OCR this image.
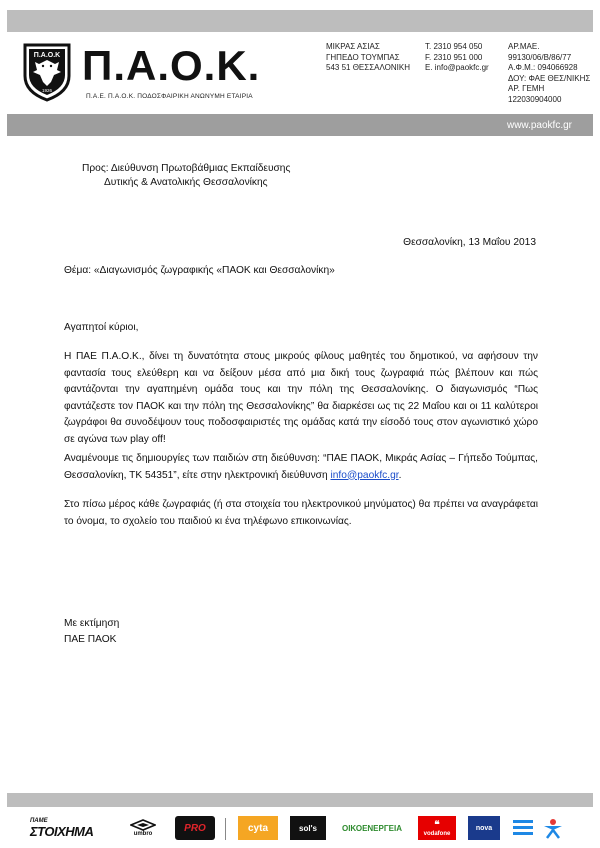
Π.Α.Ο.Κ
1926
Π.Α.Ο.Κ.
Π.Α.Ε. Π.Α.Ο.Κ. ΠΟΔΟΣΦΑΙΡΙΚΗ ΑΝΩΝΥΜΗ ΕΤΑΙΡΙΑ
ΜΙΚΡΑΣ ΑΣΙΑΣ
ΓΗΠΕΔΟ ΤΟΥΜΠΑΣ
543 51 ΘΕΣΣΑΛΟΝΙΚΗ
T. 2310 954 050
F. 2310 951 000
E. info@paokfc.gr
ΑΡ.ΜΑΕ.
99130/06/Β/86/77
Α.Φ.Μ.: 094066928
ΔΟΥ: ΦΑΕ ΘΕΣ/ΝΙΚΗΣ
ΑΡ. ΓΕΜΗ
122030904000
www.paokfc.gr
Προς: Διεύθυνση Πρωτοβάθμιας Εκπαίδευσης
Δυτικής & Ανατολικής Θεσσαλονίκης
Θεσσαλονίκη, 13 Μαΐου 2013
Θέμα: «Διαγωνισμός ζωγραφικής «ΠΑΟΚ και Θεσσαλονίκη»
Αγαπητοί κύριοι,
Η ΠΑΕ Π.Α.Ο.Κ., δίνει τη δυνατότητα στους μικρούς φίλους μαθητές του δημοτικού, να αφήσουν την φαντασία τους ελεύθερη και να δείξουν μέσα από μια δική τους ζωγραφιά πώς βλέπουν και πώς φαντάζονται την αγαπημένη ομάδα τους και την πόλη της Θεσσαλονίκης. Ο διαγωνισμός “Πως φαντάζεστε τον ΠΑΟΚ και την πόλη της Θεσσαλονίκης” θα διαρκέσει ως τις 22 Μαΐου και οι 11 καλύτεροι ζωγράφοι θα συνοδέψουν τους ποδοσφαιριστές της ομάδας κατά την είσοδό τους στον αγωνιστικό χώρο σε αγώνα των play off!
Αναμένουμε τις δημιουργίες των παιδιών στη διεύθυνση: “ΠΑΕ ΠΑΟΚ, Μικράς Ασίας – Γήπεδο Τούμπας, Θεσσαλονίκη, ΤΚ 54351”, είτε στην ηλεκτρονική διεύθυνση info@paokfc.gr.
Στο πίσω μέρος κάθε ζωγραφιάς (ή στα στοιχεία του ηλεκτρονικού μηνύματος) θα πρέπει να αναγράφεται το όνομα, το σχολείο του παιδιού κι ένα τηλέφωνο επικοινωνίας.
Με εκτίμηση
ΠΑΕ ΠΑΟΚ
ΠΑΜΕ
ΣΤΟΙΧΗΜΑ	umbro
PRO	cyta	sol's	ΟΙΚΟΕΝΕΡΓΕΙΑ	❝
vodafone
nova
